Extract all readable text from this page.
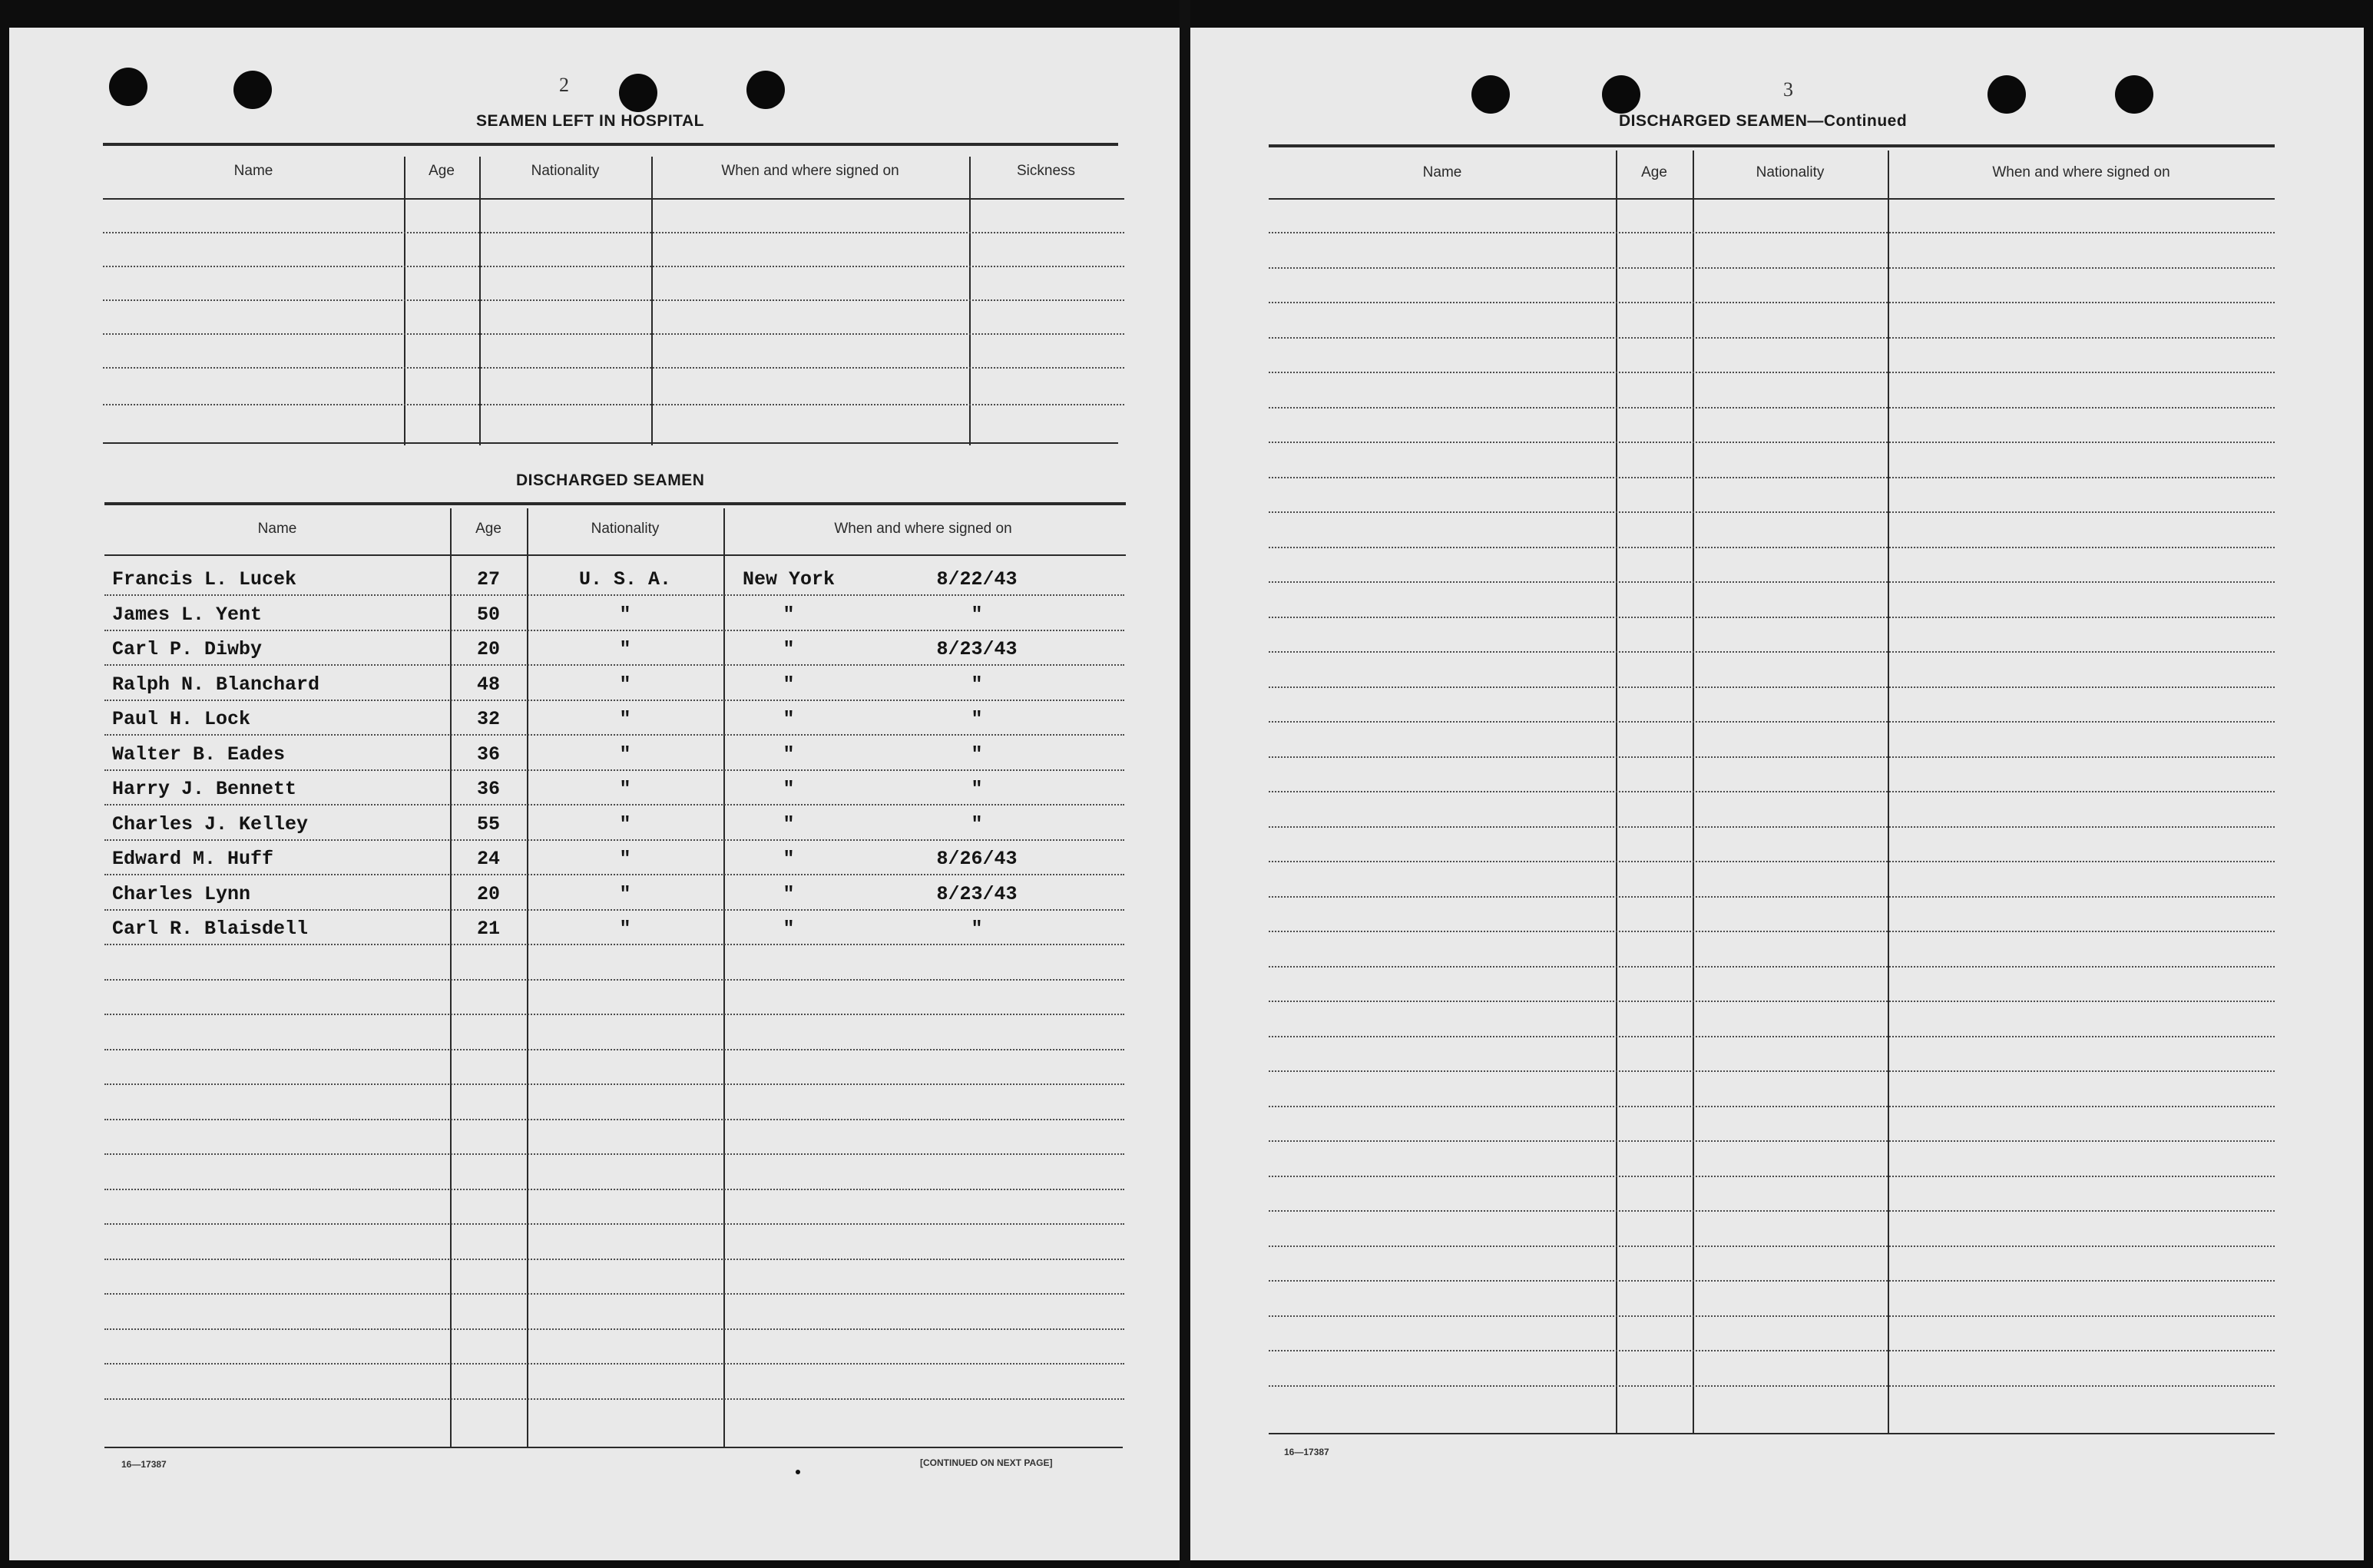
2
SEAMEN LEFT IN HOSPITAL
Name	Age	Nationality	When and where signed on	Sickness
DISCHARGED SEAMEN
Name	Age	Nationality	When and where signed on
Francis L. Lucek	27	U. S. A.	New York	8/22/43
James L. Yent	50	"	"	"
Carl P. Diwby	20	"	"	8/23/43
Ralph N. Blanchard	48	"	"	"
Paul H. Lock	32	"	"	"
Walter B. Eades	36	"	"	"
Harry J. Bennett	36	"	"	"
Charles J. Kelley	55	"	"	"
Edward M. Huff	24	"	"	8/26/43
Charles Lynn	20	"	"	8/23/43
Carl R. Blaisdell	21	"	"	"
16—17387	[CONTINUED ON NEXT PAGE]
3
DISCHARGED SEAMEN—Continued
Name	Age	Nationality	When and where signed on
16—17387
